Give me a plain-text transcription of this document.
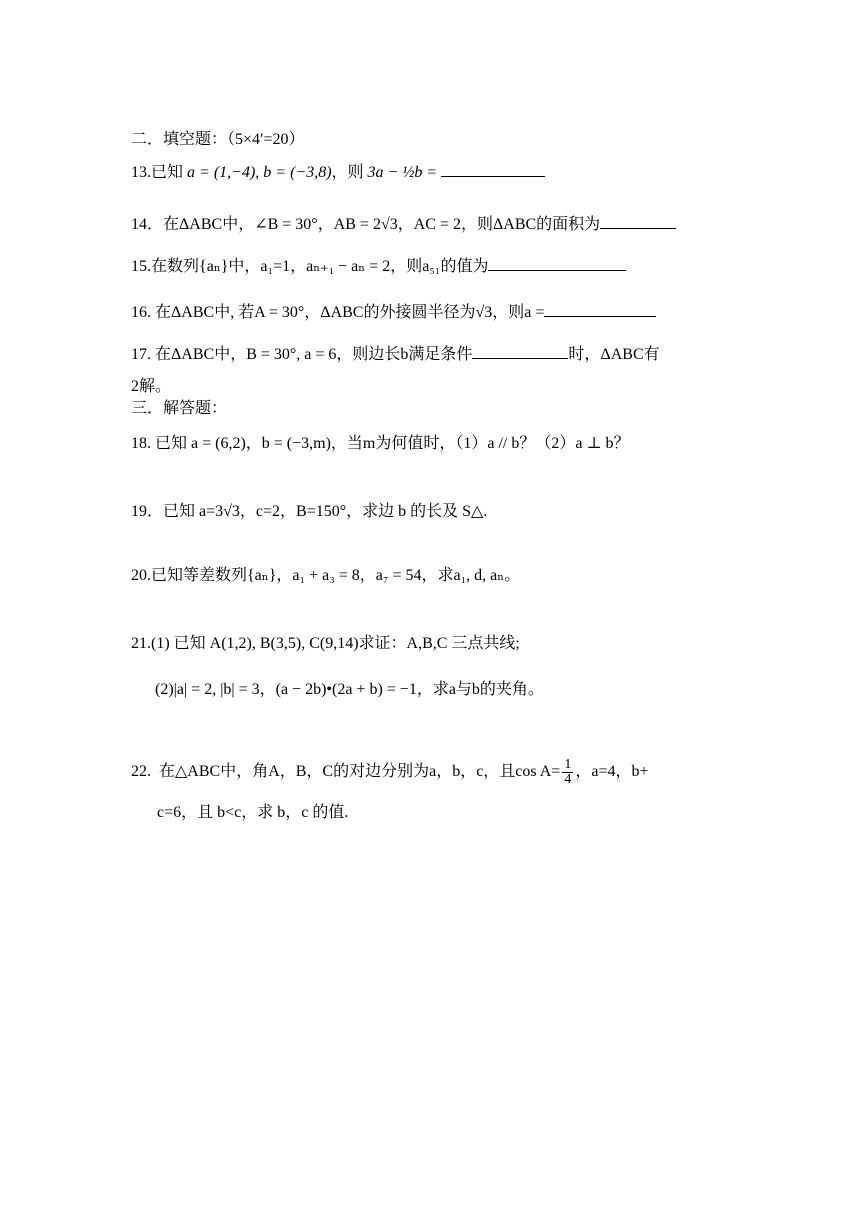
二．填空题：（5×4′=20）
13.已知 a = (1,−4), b = (−3,8)，则 3a − ½b =
14．在ΔABC中，∠B = 30°，AB = 2√3，AC = 2，则ΔABC的面积为
15.在数列{aₙ}中，a₁=1，aₙ₊₁ − aₙ = 2，则a₅₁的值为
16. 在ΔABC中, 若A = 30°，ΔABC的外接圆半径为√3，则a =
17. 在ΔABC中，B = 30°, a = 6，则边长b满足条件	时，ΔABC有
2解。
三．解答题：
18. 已知 a = (6,2)，b = (−3,m)，当m为何值时，（1）a // b？（2）a ⊥ b？
19．已知 a=3√3，c=2，B=150°，求边 b 的长及 S△.
20.已知等差数列{aₙ}，a₁ + a₃ = 8，a₇ = 54，求a₁, d, aₙ。
21.(1) 已知 A(1,2), B(3,5), C(9,14)求证：A,B,C 三点共线;
(2)|a| = 2, |b| = 3，(a − 2b)•(2a + b) = −1，求a与b的夹角。
22. 在△ABC中，角A，B，C的对边分别为a，b，c，且$\cos A= \frac{1}{4}$ ，a=4，b+
c=6，且 b<c，求 b，c 的值.
